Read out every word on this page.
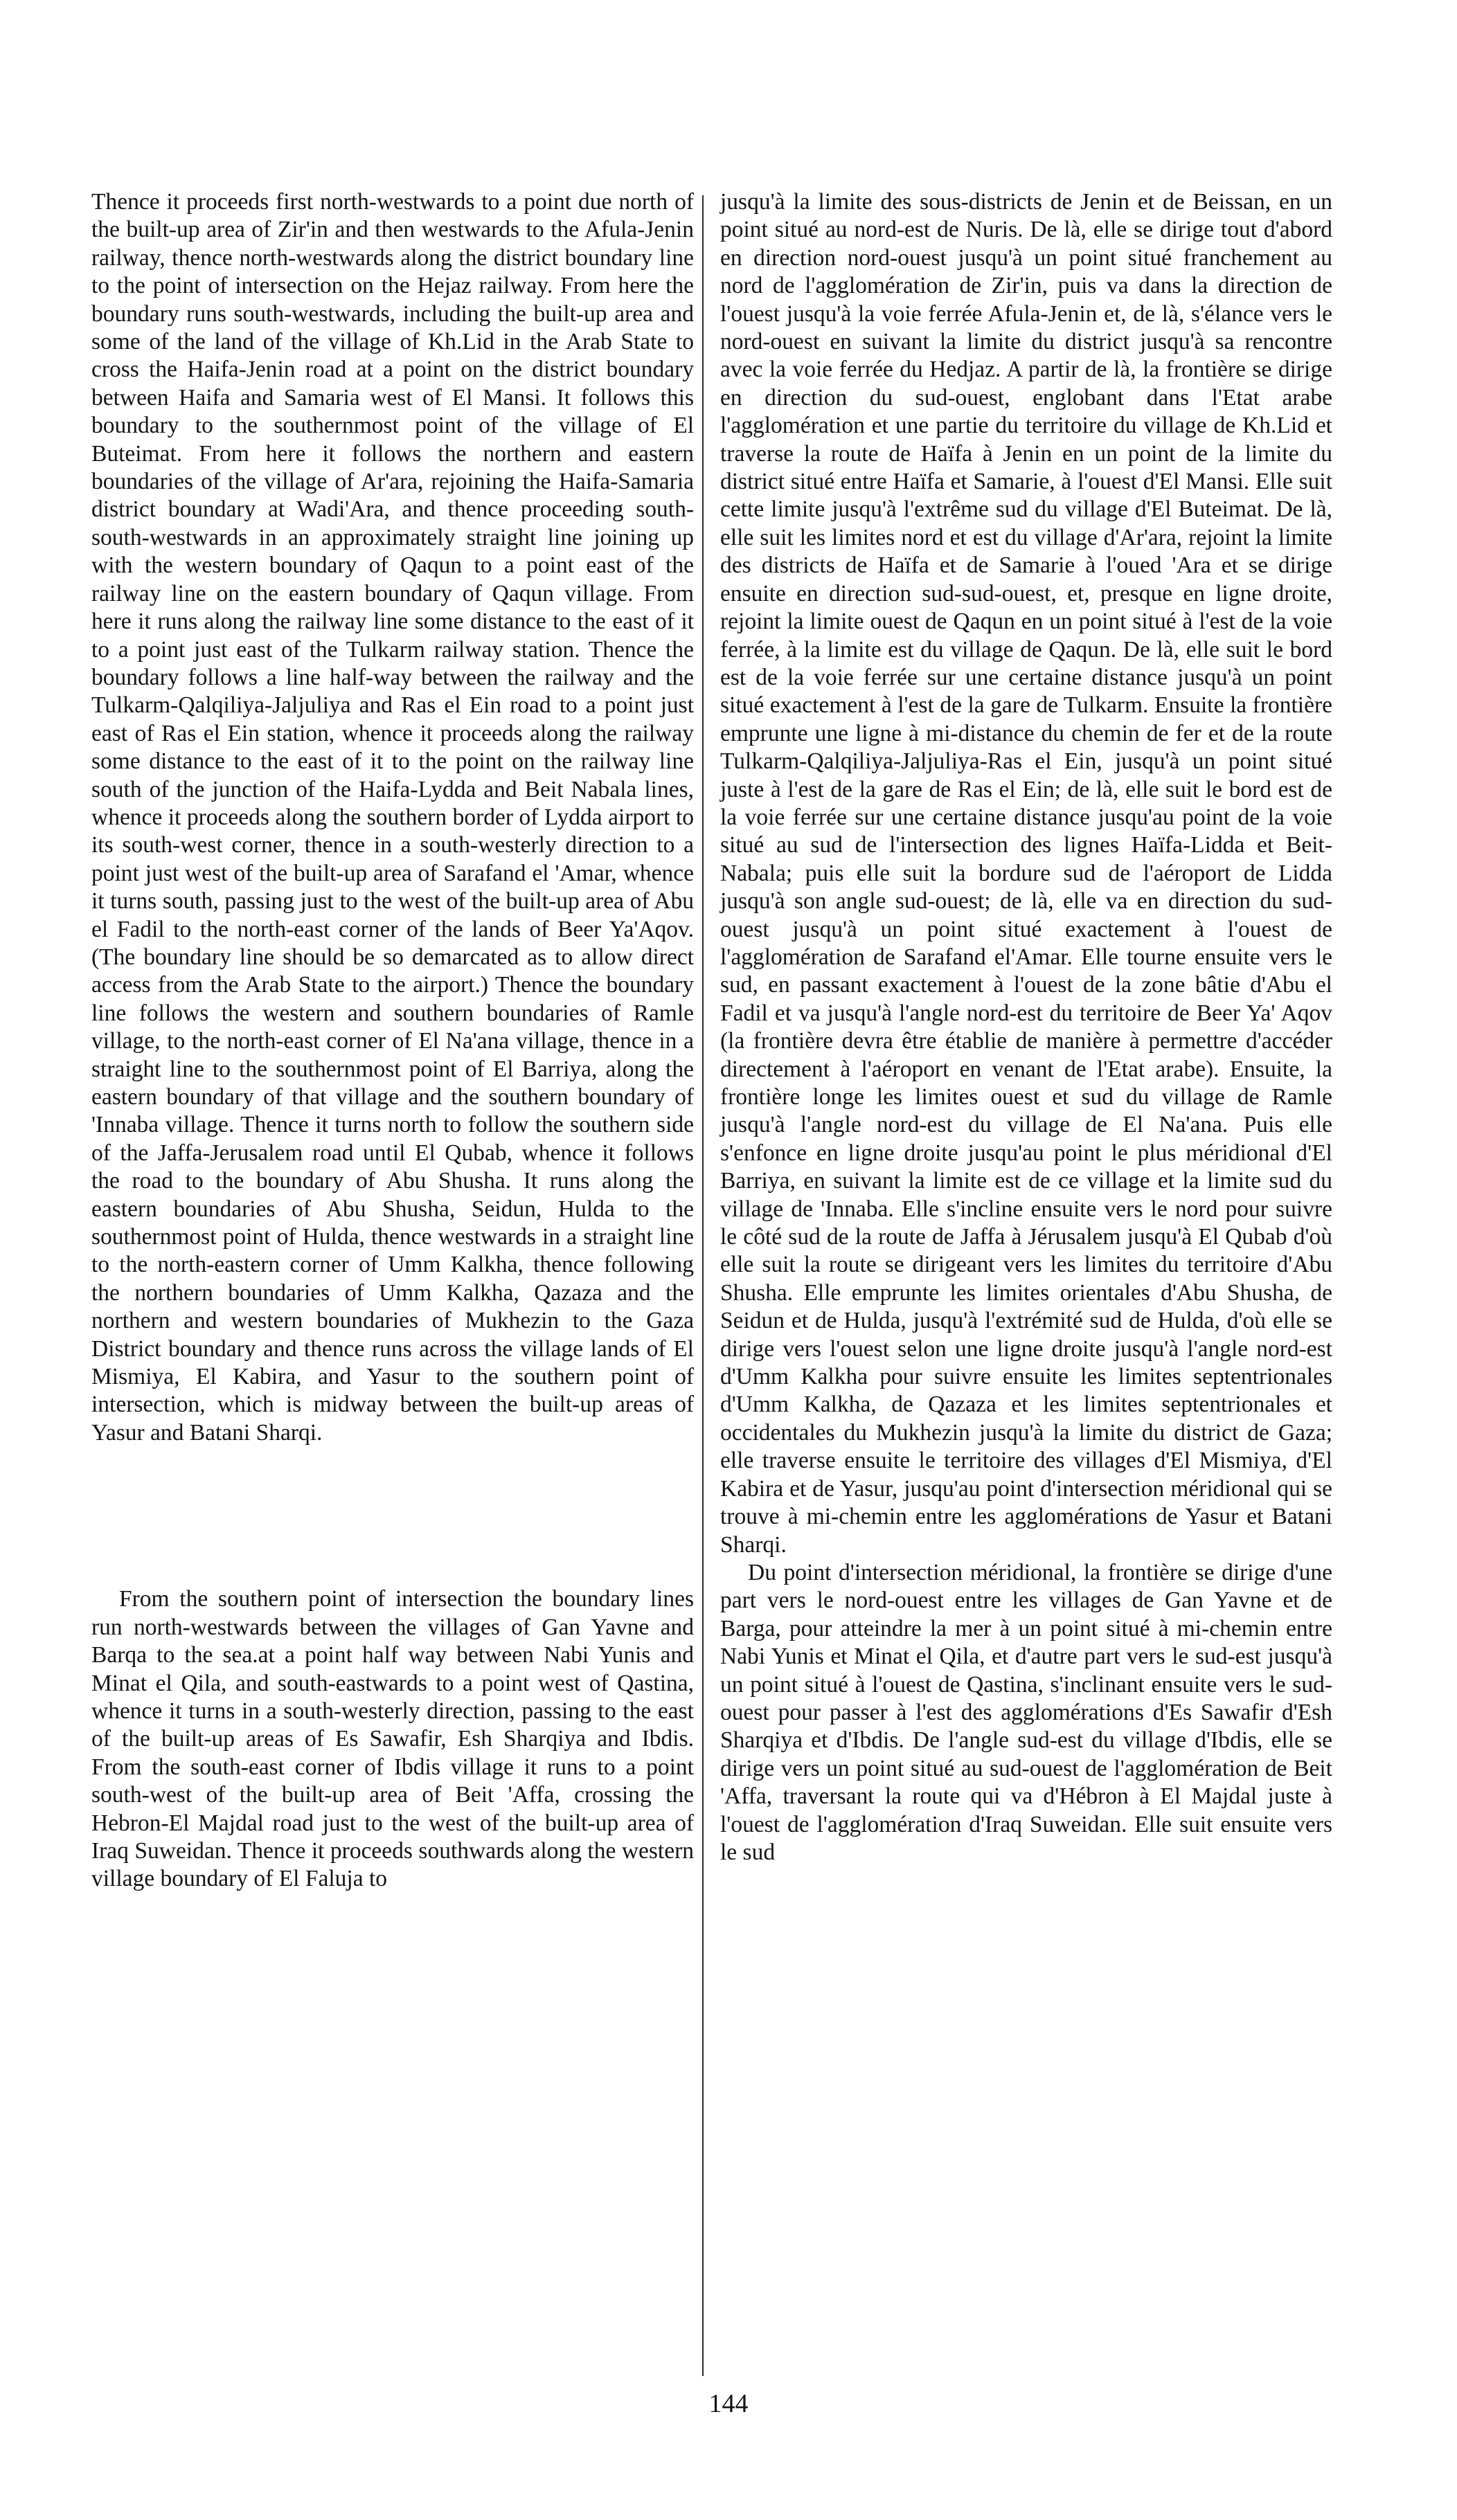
Thence it proceeds first north-westwards to a point due north of the built-up area of Zir'in and then westwards to the Afula-Jenin railway, thence north-westwards along the district boundary line to the point of intersection on the Hejaz railway. From here the boundary runs south-westwards, including the built-up area and some of the land of the village of Kh.Lid in the Arab State to cross the Haifa-Jenin road at a point on the district boundary between Haifa and Samaria west of El Mansi. It follows this boundary to the southernmost point of the village of El Buteimat. From here it follows the northern and eastern boundaries of the village of Ar'ara, rejoining the Haifa-Samaria district boundary at Wadi'Ara, and thence proceeding south-south-westwards in an approximately straight line joining up with the western boundary of Qaqun to a point east of the railway line on the eastern boundary of Qaqun village. From here it runs along the railway line some distance to the east of it to a point just east of the Tulkarm railway station. Thence the boundary follows a line half-way between the railway and the Tulkarm-Qalqiliya-Jaljuliya and Ras el Ein road to a point just east of Ras el Ein station, whence it proceeds along the railway some distance to the east of it to the point on the railway line south of the junction of the Haifa-Lydda and Beit Nabala lines, whence it proceeds along the southern border of Lydda airport to its south-west corner, thence in a south-westerly direction to a point just west of the built-up area of Sarafand el 'Amar, whence it turns south, passing just to the west of the built-up area of Abu el Fadil to the north-east corner of the lands of Beer Ya'Aqov. (The boundary line should be so demarcated as to allow direct access from the Arab State to the airport.) Thence the boundary line follows the western and southern boundaries of Ramle village, to the north-east corner of El Na'ana village, thence in a straight line to the southernmost point of El Barriya, along the eastern boundary of that village and the southern boundary of 'Innaba village. Thence it turns north to follow the southern side of the Jaffa-Jerusalem road until El Qubab, whence it follows the road to the boundary of Abu Shusha. It runs along the eastern boundaries of Abu Shusha, Seidun, Hulda to the southernmost point of Hulda, thence westwards in a straight line to the north-eastern corner of Umm Kalkha, thence following the northern boundaries of Umm Kalkha, Qazaza and the northern and western boundaries of Mukhezin to the Gaza District boundary and thence runs across the village lands of El Mismiya, El Kabira, and Yasur to the southern point of intersection, which is midway between the built-up areas of Yasur and Batani Sharqi.

From the southern point of intersection the boundary lines run north-westwards between the villages of Gan Yavne and Barqa to the sea.at a point half way between Nabi Yunis and Minat el Qila, and south-eastwards to a point west of Qastina, whence it turns in a south-westerly direction, passing to the east of the built-up areas of Es Sawafir, Esh Sharqiya and Ibdis. From the south-east corner of Ibdis village it runs to a point south-west of the built-up area of Beit 'Affa, crossing the Hebron-El Majdal road just to the west of the built-up area of Iraq Suweidan. Thence it proceeds southwards along the western village boundary of El Faluja to

jusqu'à la limite des sous-districts de Jenin et de Beissan, en un point situé au nord-est de Nuris. De là, elle se dirige tout d'abord en direction nord-ouest jusqu'à un point situé franchement au nord de l'agglomération de Zir'in, puis va dans la direction de l'ouest jusqu'à la voie ferrée Afula-Jenin et, de là, s'élance vers le nord-ouest en suivant la limite du district jusqu'à sa rencontre avec la voie ferrée du Hedjaz. A partir de là, la frontière se dirige en direction du sud-ouest, englobant dans l'Etat arabe l'agglomération et une partie du territoire du village de Kh.Lid et traverse la route de Haïfa à Jenin en un point de la limite du district situé entre Haïfa et Samarie, à l'ouest d'El Mansi. Elle suit cette limite jusqu'à l'extrême sud du village d'El Buteimat. De là, elle suit les limites nord et est du village d'Ar'ara, rejoint la limite des districts de Haïfa et de Samarie à l'oued 'Ara et se dirige ensuite en direction sud-sud-ouest, et, presque en ligne droite, rejoint la limite ouest de Qaqun en un point situé à l'est de la voie ferrée, à la limite est du village de Qaqun. De là, elle suit le bord est de la voie ferrée sur une certaine distance jusqu'à un point situé exactement à l'est de la gare de Tulkarm. Ensuite la frontière emprunte une ligne à mi-distance du chemin de fer et de la route Tulkarm-Qalqiliya-Jaljuliya-Ras el Ein, jusqu'à un point situé juste à l'est de la gare de Ras el Ein; de là, elle suit le bord est de la voie ferrée sur une certaine distance jusqu'au point de la voie situé au sud de l'intersection des lignes Haïfa-Lidda et Beit-Nabala; puis elle suit la bordure sud de l'aéroport de Lidda jusqu'à son angle sud-ouest; de là, elle va en direction du sud-ouest jusqu'à un point situé exactement à l'ouest de l'agglomération de Sarafand el'Amar. Elle tourne ensuite vers le sud, en passant exactement à l'ouest de la zone bâtie d'Abu el Fadil et va jusqu'à l'angle nord-est du territoire de Beer Ya' Aqov (la frontière devra être établie de manière à permettre d'accéder directement à l'aéroport en venant de l'Etat arabe). Ensuite, la frontière longe les limites ouest et sud du village de Ramle jusqu'à l'angle nord-est du village de El Na'ana. Puis elle s'enfonce en ligne droite jusqu'au point le plus méridional d'El Barriya, en suivant la limite est de ce village et la limite sud du village de 'Innaba. Elle s'incline ensuite vers le nord pour suivre le côté sud de la route de Jaffa à Jérusalem jusqu'à El Qubab d'où elle suit la route se dirigeant vers les limites du territoire d'Abu Shusha. Elle emprunte les limites orientales d'Abu Shusha, de Seidun et de Hulda, jusqu'à l'extrémité sud de Hulda, d'où elle se dirige vers l'ouest selon une ligne droite jusqu'à l'angle nord-est d'Umm Kalkha pour suivre ensuite les limites septentrionales d'Umm Kalkha, de Qazaza et les limites septentrionales et occidentales du Mukhezin jusqu'à la limite du district de Gaza; elle traverse ensuite le territoire des villages d'El Mismiya, d'El Kabira et de Yasur, jusqu'au point d'intersection méridional qui se trouve à mi-chemin entre les agglomérations de Yasur et Batani Sharqi.

Du point d'intersection méridional, la frontière se dirige d'une part vers le nord-ouest entre les villages de Gan Yavne et de Barga, pour atteindre la mer à un point situé à mi-chemin entre Nabi Yunis et Minat el Qila, et d'autre part vers le sud-est jusqu'à un point situé à l'ouest de Qastina, s'inclinant ensuite vers le sud-ouest pour passer à l'est des agglomérations d'Es Sawafir d'Esh Sharqiya et d'Ibdis. De l'angle sud-est du village d'Ibdis, elle se dirige vers un point situé au sud-ouest de l'agglomération de Beit 'Affa, traversant la route qui va d'Hébron à El Majdal juste à l'ouest de l'agglomération d'Iraq Suweidan. Elle suit ensuite vers le sud

144
